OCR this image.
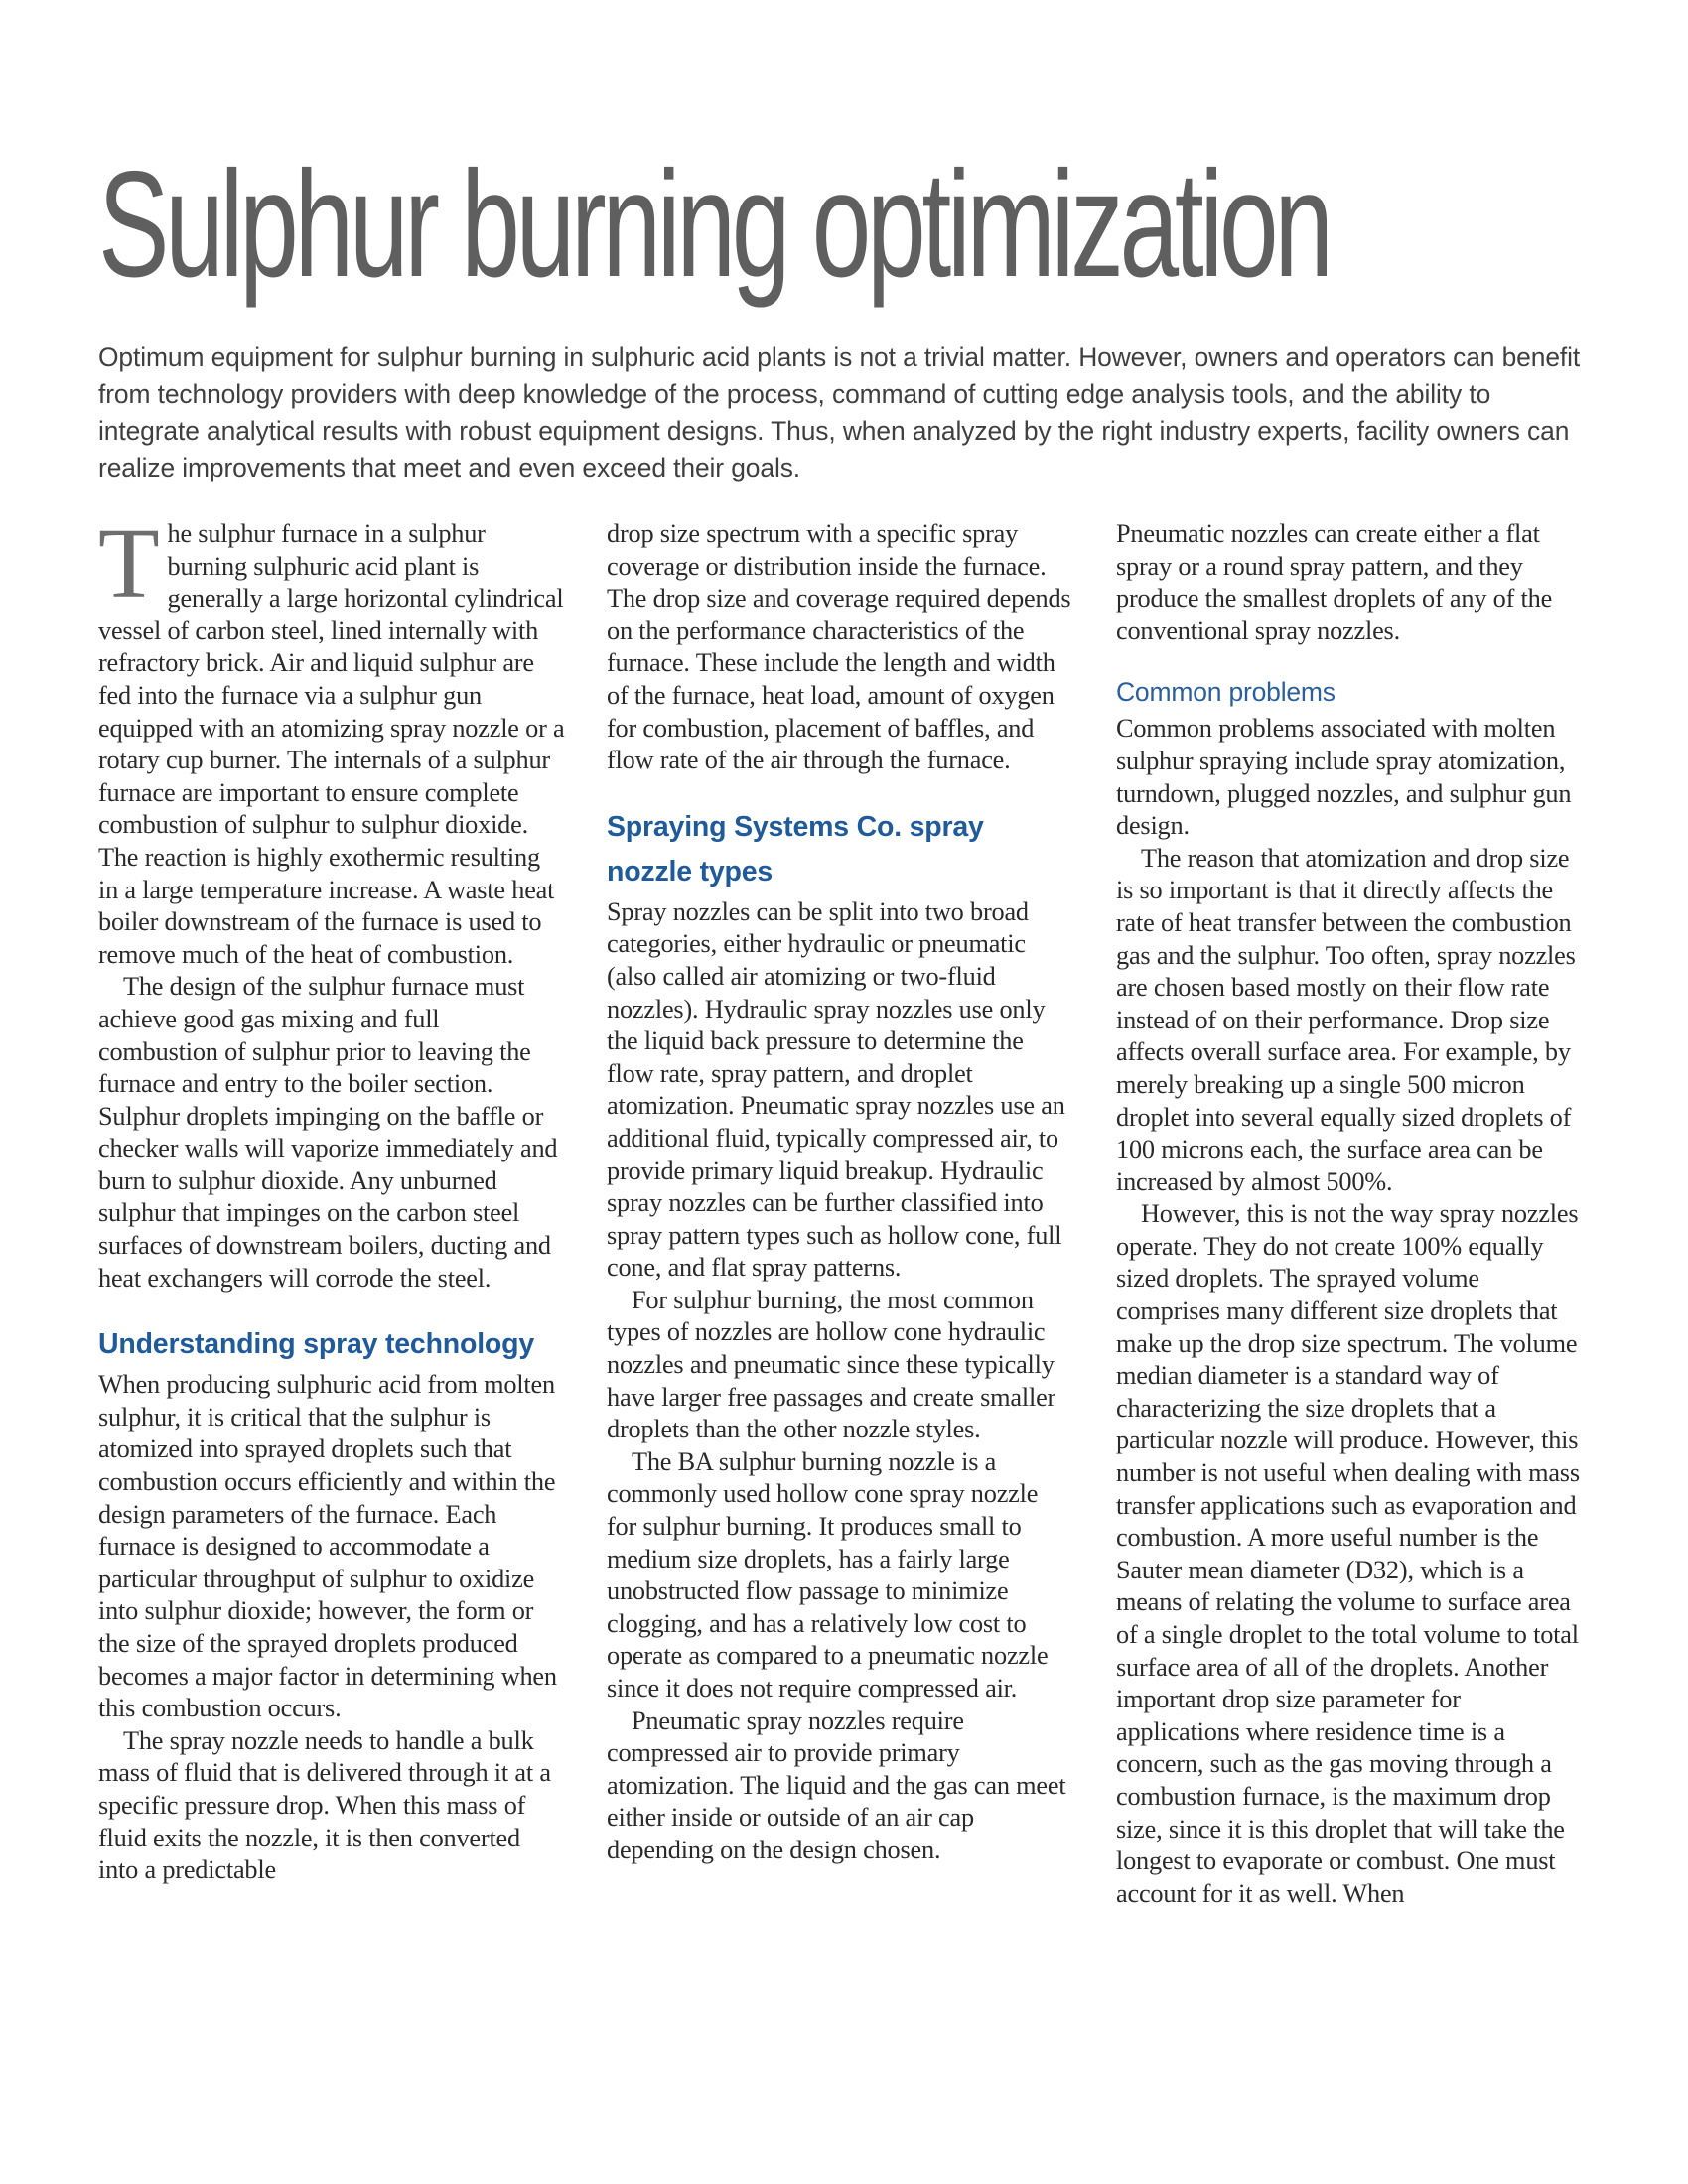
Sulphur burning optimization

Optimum equipment for sulphur burning in sulphuric acid plants is not a trivial matter. However, owners and operators can benefit from technology providers with deep knowledge of the process, command of cutting edge analysis tools, and the ability to integrate analytical results with robust equipment designs. Thus, when analyzed by the right industry experts, facility owners can realize improvements that meet and even exceed their goals.

The sulphur furnace in a sulphur burning sulphuric acid plant is generally a large horizontal cylindrical vessel of carbon steel, lined internally with refractory brick. Air and liquid sulphur are fed into the furnace via a sulphur gun equipped with an atomizing spray nozzle or a rotary cup burner. The internals of a sulphur furnace are important to ensure complete combustion of sulphur to sulphur dioxide. The reaction is highly exothermic resulting in a large temperature increase. A waste heat boiler downstream of the furnace is used to remove much of the heat of combustion.

The design of the sulphur furnace must achieve good gas mixing and full combustion of sulphur prior to leaving the furnace and entry to the boiler section. Sulphur droplets impinging on the baffle or checker walls will vaporize immediately and burn to sulphur dioxide. Any unburned sulphur that impinges on the carbon steel surfaces of downstream boilers, ducting and heat exchangers will corrode the steel.

Understanding spray technology

When producing sulphuric acid from molten sulphur, it is critical that the sulphur is atomized into sprayed droplets such that combustion occurs efficiently and within the design parameters of the furnace. Each furnace is designed to accommodate a particular throughput of sulphur to oxidize into sulphur dioxide; however, the form or the size of the sprayed droplets produced becomes a major factor in determining when this combustion occurs.

The spray nozzle needs to handle a bulk mass of fluid that is delivered through it at a specific pressure drop. When this mass of fluid exits the nozzle, it is then converted into a predictable

drop size spectrum with a specific spray coverage or distribution inside the furnace. The drop size and coverage required depends on the performance characteristics of the furnace. These include the length and width of the furnace, heat load, amount of oxygen for combustion, placement of baffles, and flow rate of the air through the furnace.

Spraying Systems Co. spray nozzle types

Spray nozzles can be split into two broad categories, either hydraulic or pneumatic (also called air atomizing or two-fluid nozzles). Hydraulic spray nozzles use only the liquid back pressure to determine the flow rate, spray pattern, and droplet atomization. Pneumatic spray nozzles use an additional fluid, typically compressed air, to provide primary liquid breakup. Hydraulic spray nozzles can be further classified into spray pattern types such as hollow cone, full cone, and flat spray patterns.

For sulphur burning, the most common types of nozzles are hollow cone hydraulic nozzles and pneumatic since these typically have larger free passages and create smaller droplets than the other nozzle styles.

The BA sulphur burning nozzle is a commonly used hollow cone spray nozzle for sulphur burning. It produces small to medium size droplets, has a fairly large unobstructed flow passage to minimize clogging, and has a relatively low cost to operate as compared to a pneumatic nozzle since it does not require compressed air.

Pneumatic spray nozzles require compressed air to provide primary atomization. The liquid and the gas can meet either inside or outside of an air cap depending on the design chosen.

Pneumatic nozzles can create either a flat spray or a round spray pattern, and they produce the smallest droplets of any of the conventional spray nozzles.

Common problems

Common problems associated with molten sulphur spraying include spray atomization, turndown, plugged nozzles, and sulphur gun design.

The reason that atomization and drop size is so important is that it directly affects the rate of heat transfer between the combustion gas and the sulphur. Too often, spray nozzles are chosen based mostly on their flow rate instead of on their performance. Drop size affects overall surface area. For example, by merely breaking up a single 500 micron droplet into several equally sized droplets of 100 microns each, the surface area can be increased by almost 500%.

However, this is not the way spray nozzles operate. They do not create 100% equally sized droplets. The sprayed volume comprises many different size droplets that make up the drop size spectrum. The volume median diameter is a standard way of characterizing the size droplets that a particular nozzle will produce. However, this number is not useful when dealing with mass transfer applications such as evaporation and combustion. A more useful number is the Sauter mean diameter (D32), which is a means of relating the volume to surface area of a single droplet to the total volume to total surface area of all of the droplets. Another important drop size parameter for applications where residence time is a concern, such as the gas moving through a combustion furnace, is the maximum drop size, since it is this droplet that will take the longest to evaporate or combust. One must account for it as well. When
